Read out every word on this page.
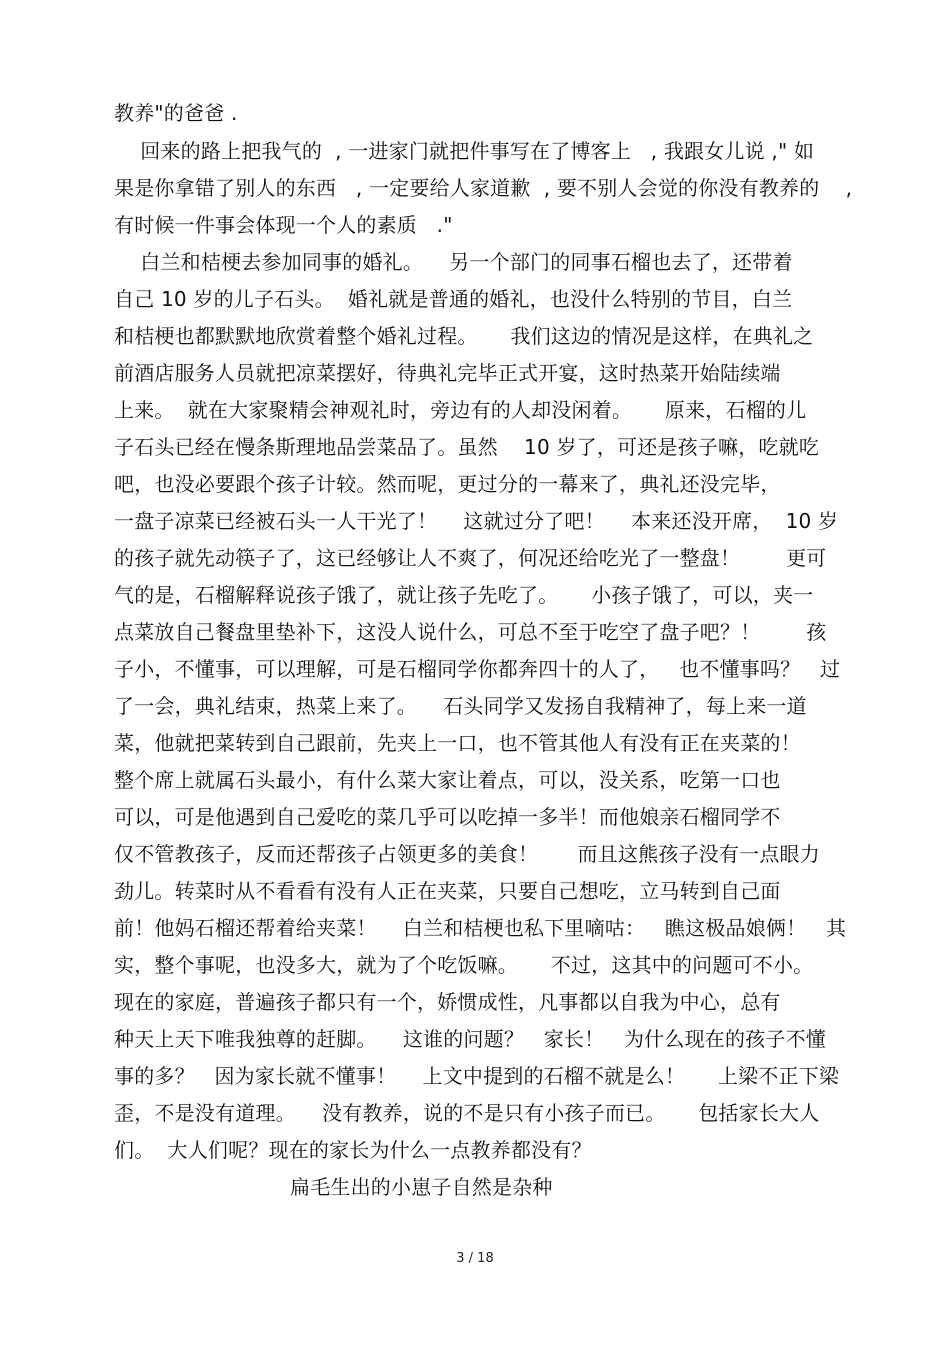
教养"的爸爸 .
回来的路上把我气的  , 一进家门就把件事写在了博客上   , 我跟女儿说 ," 如
果是你拿错了别人的东西   , 一定要给人家道歉  , 要不别人会觉的你没有教养的    ,
有时候一件事会体现一个人的素质   ."
白兰和桔梗去参加同事的婚礼。    另一个部门的同事石榴也去了，还带着
自己 10 岁的儿子石头。  婚礼就是普通的婚礼，也没什么特别的节目，白兰
和桔梗也都默默地欣赏着整个婚礼过程。     我们这边的情况是这样，在典礼之
前酒店服务人员就把凉菜摆好，待典礼完毕正式开宴，这时热菜开始陆续端
上来。  就在大家聚精会神观礼时，旁边有的人却没闲着。     原来，石榴的儿
子石头已经在慢条斯理地品尝菜品了。虽然    10 岁了，可还是孩子嘛，吃就吃
吧，也没必要跟个孩子计较。然而呢，更过分的一幕来了，典礼还没完毕，
一盘子凉菜已经被石头一人干光了！    这就过分了吧！    本来还没开席，  10 岁
的孩子就先动筷子了，这已经够让人不爽了，何况还给吃光了一整盘！       更可
气的是，石榴解释说孩子饿了，就让孩子先吃了。     小孩子饿了，可以，夹一
点菜放自己餐盘里垫补下，这没人说什么，可总不至于吃空了盘子吧？！       孩
子小，不懂事，可以理解，可是石榴同学你都奔四十的人了，   也不懂事吗？   过
了一会，典礼结束，热菜上来了。    石头同学又发扬自我精神了，每上来一道
菜，他就把菜转到自己跟前，先夹上一口，也不管其他人有没有正在夹菜的！
整个席上就属石头最小，有什么菜大家让着点，可以，没关系，吃第一口也
可以，可是他遇到自己爱吃的菜几乎可以吃掉一多半！而他娘亲石榴同学不
仅不管教孩子，反而还帮孩子占领更多的美食！      而且这熊孩子没有一点眼力
劲儿。转菜时从不看看有没有人正在夹菜，只要自己想吃，立马转到自己面
前！他妈石榴还帮着给夹菜！    白兰和桔梗也私下里嘀咕：   瞧这极品娘俩！   其
实，整个事呢，也没多大，就为了个吃饭嘛。     不过，这其中的问题可不小。
现在的家庭，普遍孩子都只有一个，娇惯成性，凡事都以自我为中心，总有
种天上天下唯我独尊的赶脚。    这谁的问题？   家长！   为什么现在的孩子不懂
事的多？   因为家长就不懂事！    上文中提到的石榴不就是么！     上梁不正下梁
歪，不是没有道理。    没有教养，说的不是只有小孩子而已。     包括家长大人
们。  大人们呢？现在的家长为什么一点教养都没有？
扁毛生出的小崽子自然是杂种
3 / 18
